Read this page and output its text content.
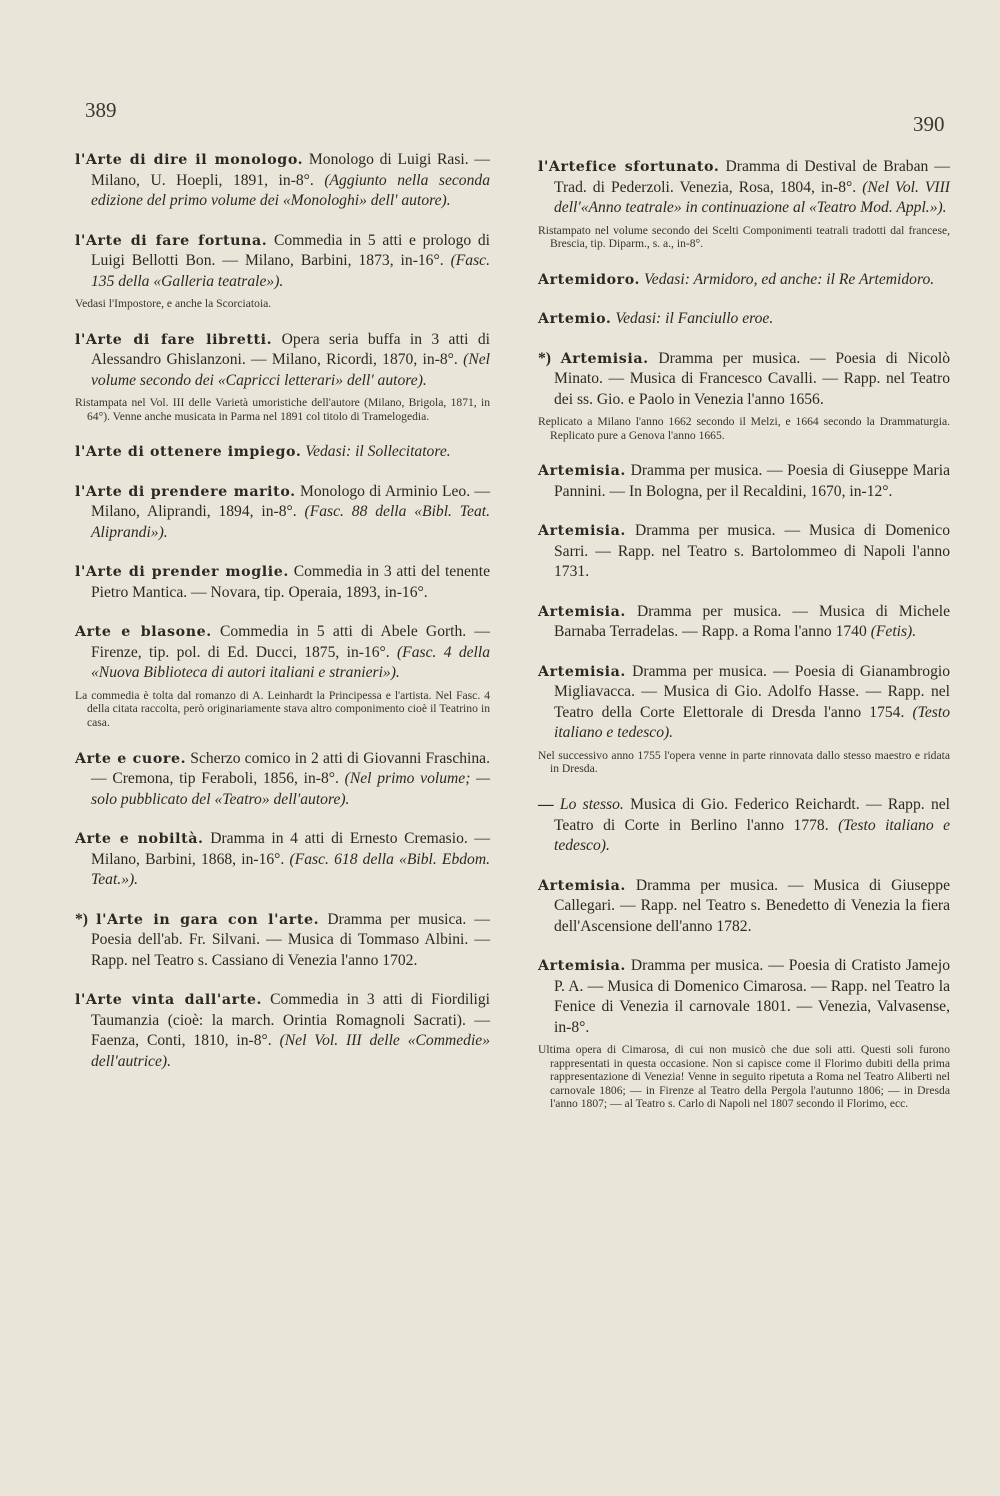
389
390

l'Arte di dire il monologo. Monologo di Luigi Rasi. — Milano, U. Hoepli, 1891, in-8°. (Aggiunto nella seconda edizione del primo volume dei «Monologhi» dell' autore).

l'Arte di fare fortuna. Commedia in 5 atti e prologo di Luigi Bellotti Bon. — Milano, Barbini, 1873, in-16°. (Fasc. 135 della «Galleria teatrale»).

Vedasi l'Impostore, e anche la Scorciatoia.

l'Arte di fare libretti. Opera seria buffa in 3 atti di Alessandro Ghislanzoni. — Milano, Ricordi, 1870, in-8°. (Nel volume secondo dei «Capricci letterari» dell' autore).

Ristampata nel Vol. III delle Varietà umoristiche dell'autore (Milano, Brigola, 1871, in 64°). Venne anche musicata in Parma nel 1891 col titolo di Tramelogedia.

l'Arte di ottenere impiego. Vedasi: il Sollecitatore.

l'Arte di prendere marito. Monologo di Arminio Leo. — Milano, Aliprandi, 1894, in-8°. (Fasc. 88 della «Bibl. Teat. Aliprandi»).

l'Arte di prender moglie. Commedia in 3 atti del tenente Pietro Mantica. — Novara, tip. Operaia, 1893, in-16°.

Arte e blasone. Commedia in 5 atti di Abele Gorth. — Firenze, tip. pol. di Ed. Ducci, 1875, in-16°. (Fasc. 4 della «Nuova Biblioteca di autori italiani e stranieri»).

La commedia è tolta dal romanzo di A. Leinhardt la Principessa e l'artista. Nel Fasc. 4 della citata raccolta, però originariamente stava altro componimento cioè il Teatrino in casa.

Arte e cuore. Scherzo comico in 2 atti di Giovanni Fraschina. — Cremona, tip Feraboli, 1856, in-8°. (Nel primo volume; — solo pubblicato del «Teatro» dell'autore).

Arte e nobiltà. Dramma in 4 atti di Ernesto Cremasio. — Milano, Barbini, 1868, in-16°. (Fasc. 618 della «Bibl. Ebdom. Teat.»).

*) l'Arte in gara con l'arte. Dramma per musica. — Poesia dell'ab. Fr. Silvani. — Musica di Tommaso Albini. — Rapp. nel Teatro s. Cassiano di Venezia l'anno 1702.

l'Arte vinta dall'arte. Commedia in 3 atti di Fiordiligi Taumanzia (cioè: la march. Orintia Romagnoli Sacrati). — Faenza, Conti, 1810, in-8°. (Nel Vol. III delle «Commedie» dell'autrice).

l'Artefice sfortunato. Dramma di Destival de Braban — Trad. di Pederzoli. Venezia, Rosa, 1804, in-8°. (Nel Vol. VIII dell'«Anno teatrale» in continuazione al «Teatro Mod. Appl.»).

Ristampato nel volume secondo dei Scelti Componimenti teatrali tradotti dal francese, Brescia, tip. Diparm., s. a., in-8°.

Artemidoro. Vedasi: Armidoro, ed anche: il Re Artemidoro.

Artemio. Vedasi: il Fanciullo eroe.

*) Artemisia. Dramma per musica. — Poesia di Nicolò Minato. — Musica di Francesco Cavalli. — Rapp. nel Teatro dei ss. Gio. e Paolo in Venezia l'anno 1656.

Replicato a Milano l'anno 1662 secondo il Melzi, e 1664 secondo la Drammaturgia. Replicato pure a Genova l'anno 1665.

Artemisia. Dramma per musica. — Poesia di Giuseppe Maria Pannini. — In Bologna, per il Recaldini, 1670, in-12°.

Artemisia. Dramma per musica. — Musica di Domenico Sarri. — Rapp. nel Teatro s. Bartolommeo di Napoli l'anno 1731.

Artemisia. Dramma per musica. — Musica di Michele Barnaba Terradelas. — Rapp. a Roma l'anno 1740 (Fetis).

Artemisia. Dramma per musica. — Poesia di Gianambrogio Migliavacca. — Musica di Gio. Adolfo Hasse. — Rapp. nel Teatro della Corte Elettorale di Dresda l'anno 1754. (Testo italiano e tedesco).

Nel successivo anno 1755 l'opera venne in parte rinnovata dallo stesso maestro e ridata in Dresda.

— Lo stesso. Musica di Gio. Federico Reichardt. — Rapp. nel Teatro di Corte in Berlino l'anno 1778. (Testo italiano e tedesco).

Artemisia. Dramma per musica. — Musica di Giuseppe Callegari. — Rapp. nel Teatro s. Benedetto di Venezia la fiera dell'Ascensione dell'anno 1782.

Artemisia. Dramma per musica. — Poesia di Cratisto Jamejo P. A. — Musica di Domenico Cimarosa. — Rapp. nel Teatro la Fenice di Venezia il carnovale 1801. — Venezia, Valvasense, in-8°.

Ultima opera di Cimarosa, di cui non musicò che due soli atti. Questi soli furono rappresentati in questa occasione. Non si capisce come il Florimo dubiti della prima rappresentazione di Venezia! Venne in seguito ripetuta a Roma nel Teatro Aliberti nel carnovale 1806; — in Firenze al Teatro della Pergola l'autunno 1806; — in Dresda l'anno 1807; — al Teatro s. Carlo di Napoli nel 1807 secondo il Florimo, ecc.
